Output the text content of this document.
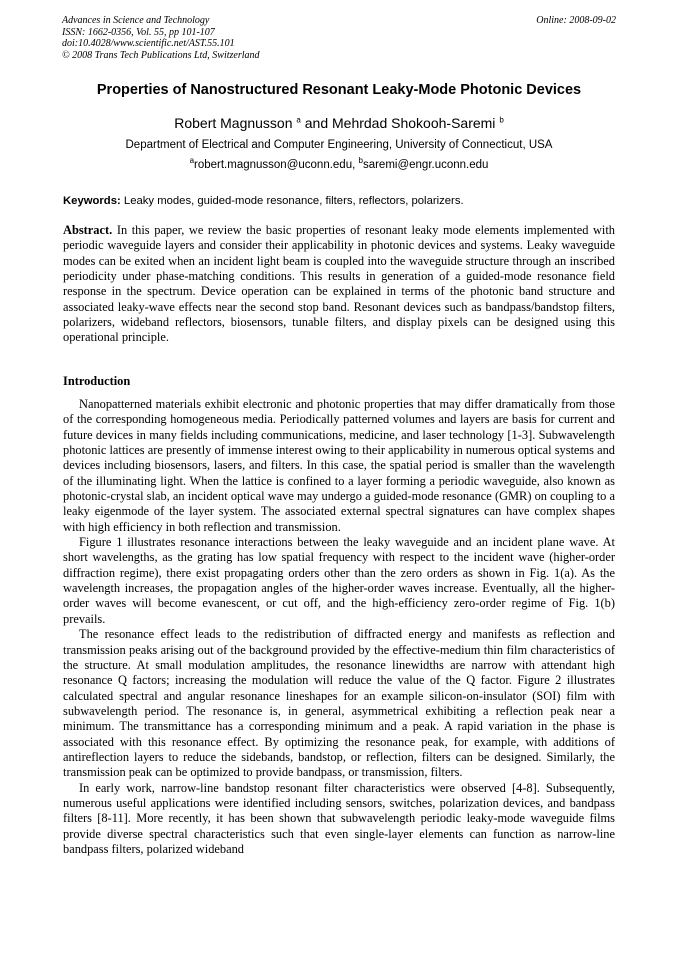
Advances in Science and Technology
ISSN: 1662-0356, Vol. 55, pp 101-107
doi:10.4028/www.scientific.net/AST.55.101
© 2008 Trans Tech Publications Ltd, Switzerland
Online: 2008-09-02
Properties of Nanostructured Resonant Leaky-Mode Photonic Devices
Robert Magnusson $^a$ and Mehrdad Shokooh-Saremi $^b$
Department of Electrical and Computer Engineering, University of Connecticut, USA
$^a$robert.magnusson@uconn.edu, $^b$saremi@engr.uconn.edu
Keywords: Leaky modes, guided-mode resonance, filters, reflectors, polarizers.
Abstract. In this paper, we review the basic properties of resonant leaky mode elements implemented with periodic waveguide layers and consider their applicability in photonic devices and systems. Leaky waveguide modes can be exited when an incident light beam is coupled into the waveguide structure through an inscribed periodicity under phase-matching conditions. This results in generation of a guided-mode resonance field response in the spectrum. Device operation can be explained in terms of the photonic band structure and associated leaky-wave effects near the second stop band. Resonant devices such as bandpass/bandstop filters, polarizers, wideband reflectors, biosensors, tunable filters, and display pixels can be designed using this operational principle.
Introduction

Nanopatterned materials exhibit electronic and photonic properties that may differ dramatically from those of the corresponding homogeneous media. Periodically patterned volumes and layers are basis for current and future devices in many fields including communications, medicine, and laser technology [1-3]. Subwavelength photonic lattices are presently of immense interest owing to their applicability in numerous optical systems and devices including biosensors, lasers, and filters. In this case, the spatial period is smaller than the wavelength of the illuminating light. When the lattice is confined to a layer forming a periodic waveguide, also known as photonic-crystal slab, an incident optical wave may undergo a guided-mode resonance (GMR) on coupling to a leaky eigenmode of the layer system. The associated external spectral signatures can have complex shapes with high efficiency in both reflection and transmission.

Figure 1 illustrates resonance interactions between the leaky waveguide and an incident plane wave. At short wavelengths, as the grating has low spatial frequency with respect to the incident wave (higher-order diffraction regime), there exist propagating orders other than the zero orders as shown in Fig. 1(a). As the wavelength increases, the propagation angles of the higher-order waves increase. Eventually, all the higher-order waves will become evanescent, or cut off, and the high-efficiency zero-order regime of Fig. 1(b) prevails.

The resonance effect leads to the redistribution of diffracted energy and manifests as reflection and transmission peaks arising out of the background provided by the effective-medium thin film characteristics of the structure. At small modulation amplitudes, the resonance linewidths are narrow with attendant high resonance Q factors; increasing the modulation will reduce the value of the Q factor. Figure 2 illustrates calculated spectral and angular resonance lineshapes for an example silicon-on-insulator (SOI) film with subwavelength period. The resonance is, in general, asymmetrical exhibiting a reflection peak near a minimum. The transmittance has a corresponding minimum and a peak. A rapid variation in the phase is associated with this resonance effect. By optimizing the resonance peak, for example, with additions of antireflection layers to reduce the sidebands, bandstop, or reflection, filters can be designed. Similarly, the transmission peak can be optimized to provide bandpass, or transmission, filters.

In early work, narrow-line bandstop resonant filter characteristics were observed [4-8]. Subsequently, numerous useful applications were identified including sensors, switches, polarization devices, and bandpass filters [8-11]. More recently, it has been shown that subwavelength periodic leaky-mode waveguide films provide diverse spectral characteristics such that even single-layer elements can function as narrow-line bandpass filters, polarized wideband
